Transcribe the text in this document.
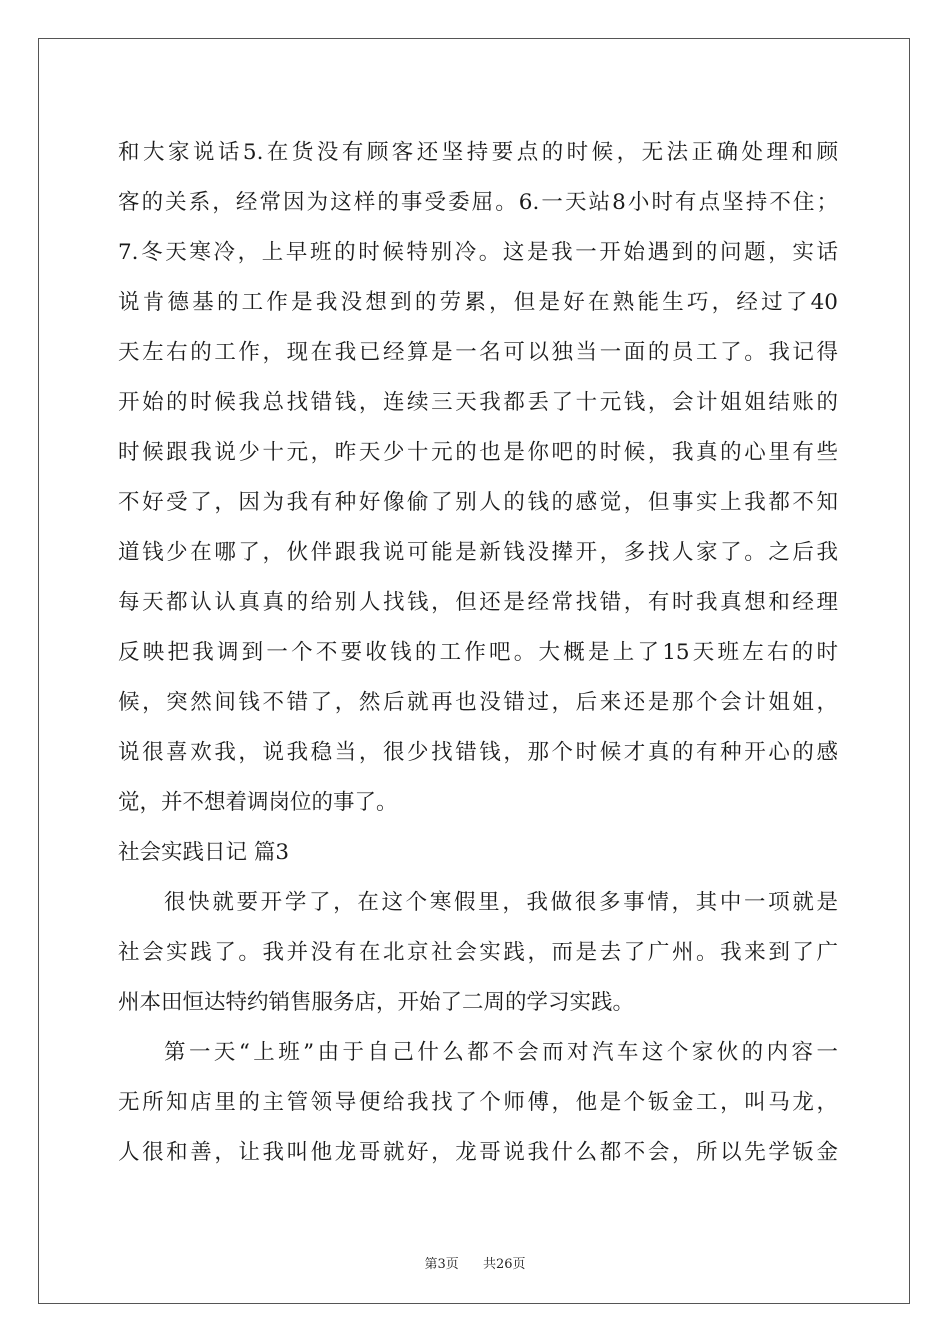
和大家说话5.在货没有顾客还坚持要点的时候，无法正确处理和顾
客的关系，经常因为这样的事受委屈。6.一天站8小时有点坚持不住；
7.冬天寒冷，上早班的时候特别冷。这是我一开始遇到的问题，实话
说肯德基的工作是我没想到的劳累，但是好在熟能生巧，经过了40
天左右的工作，现在我已经算是一名可以独当一面的员工了。我记得
开始的时候我总找错钱，连续三天我都丢了十元钱，会计姐姐结账的
时候跟我说少十元，昨天少十元的也是你吧的时候，我真的心里有些
不好受了，因为我有种好像偷了别人的钱的感觉，但事实上我都不知
道钱少在哪了，伙伴跟我说可能是新钱没撵开，多找人家了。之后我
每天都认认真真的给别人找钱，但还是经常找错，有时我真想和经理
反映把我调到一个不要收钱的工作吧。大概是上了15天班左右的时
候，突然间钱不错了，然后就再也没错过，后来还是那个会计姐姐，
说很喜欢我，说我稳当，很少找错钱，那个时候才真的有种开心的感
觉，并不想着调岗位的事了。
社会实践日记 篇3
很快就要开学了，在这个寒假里，我做很多事情，其中一项就是
社会实践了。我并没有在北京社会实践，而是去了广州。我来到了广
州本田恒达特约销售服务店，开始了二周的学习实践。
第一天“上班”由于自己什么都不会而对汽车这个家伙的内容一
无所知店里的主管领导便给我找了个师傅，他是个钣金工，叫马龙，
人很和善，让我叫他龙哥就好，龙哥说我什么都不会，所以先学钣金
第3页 共26页
